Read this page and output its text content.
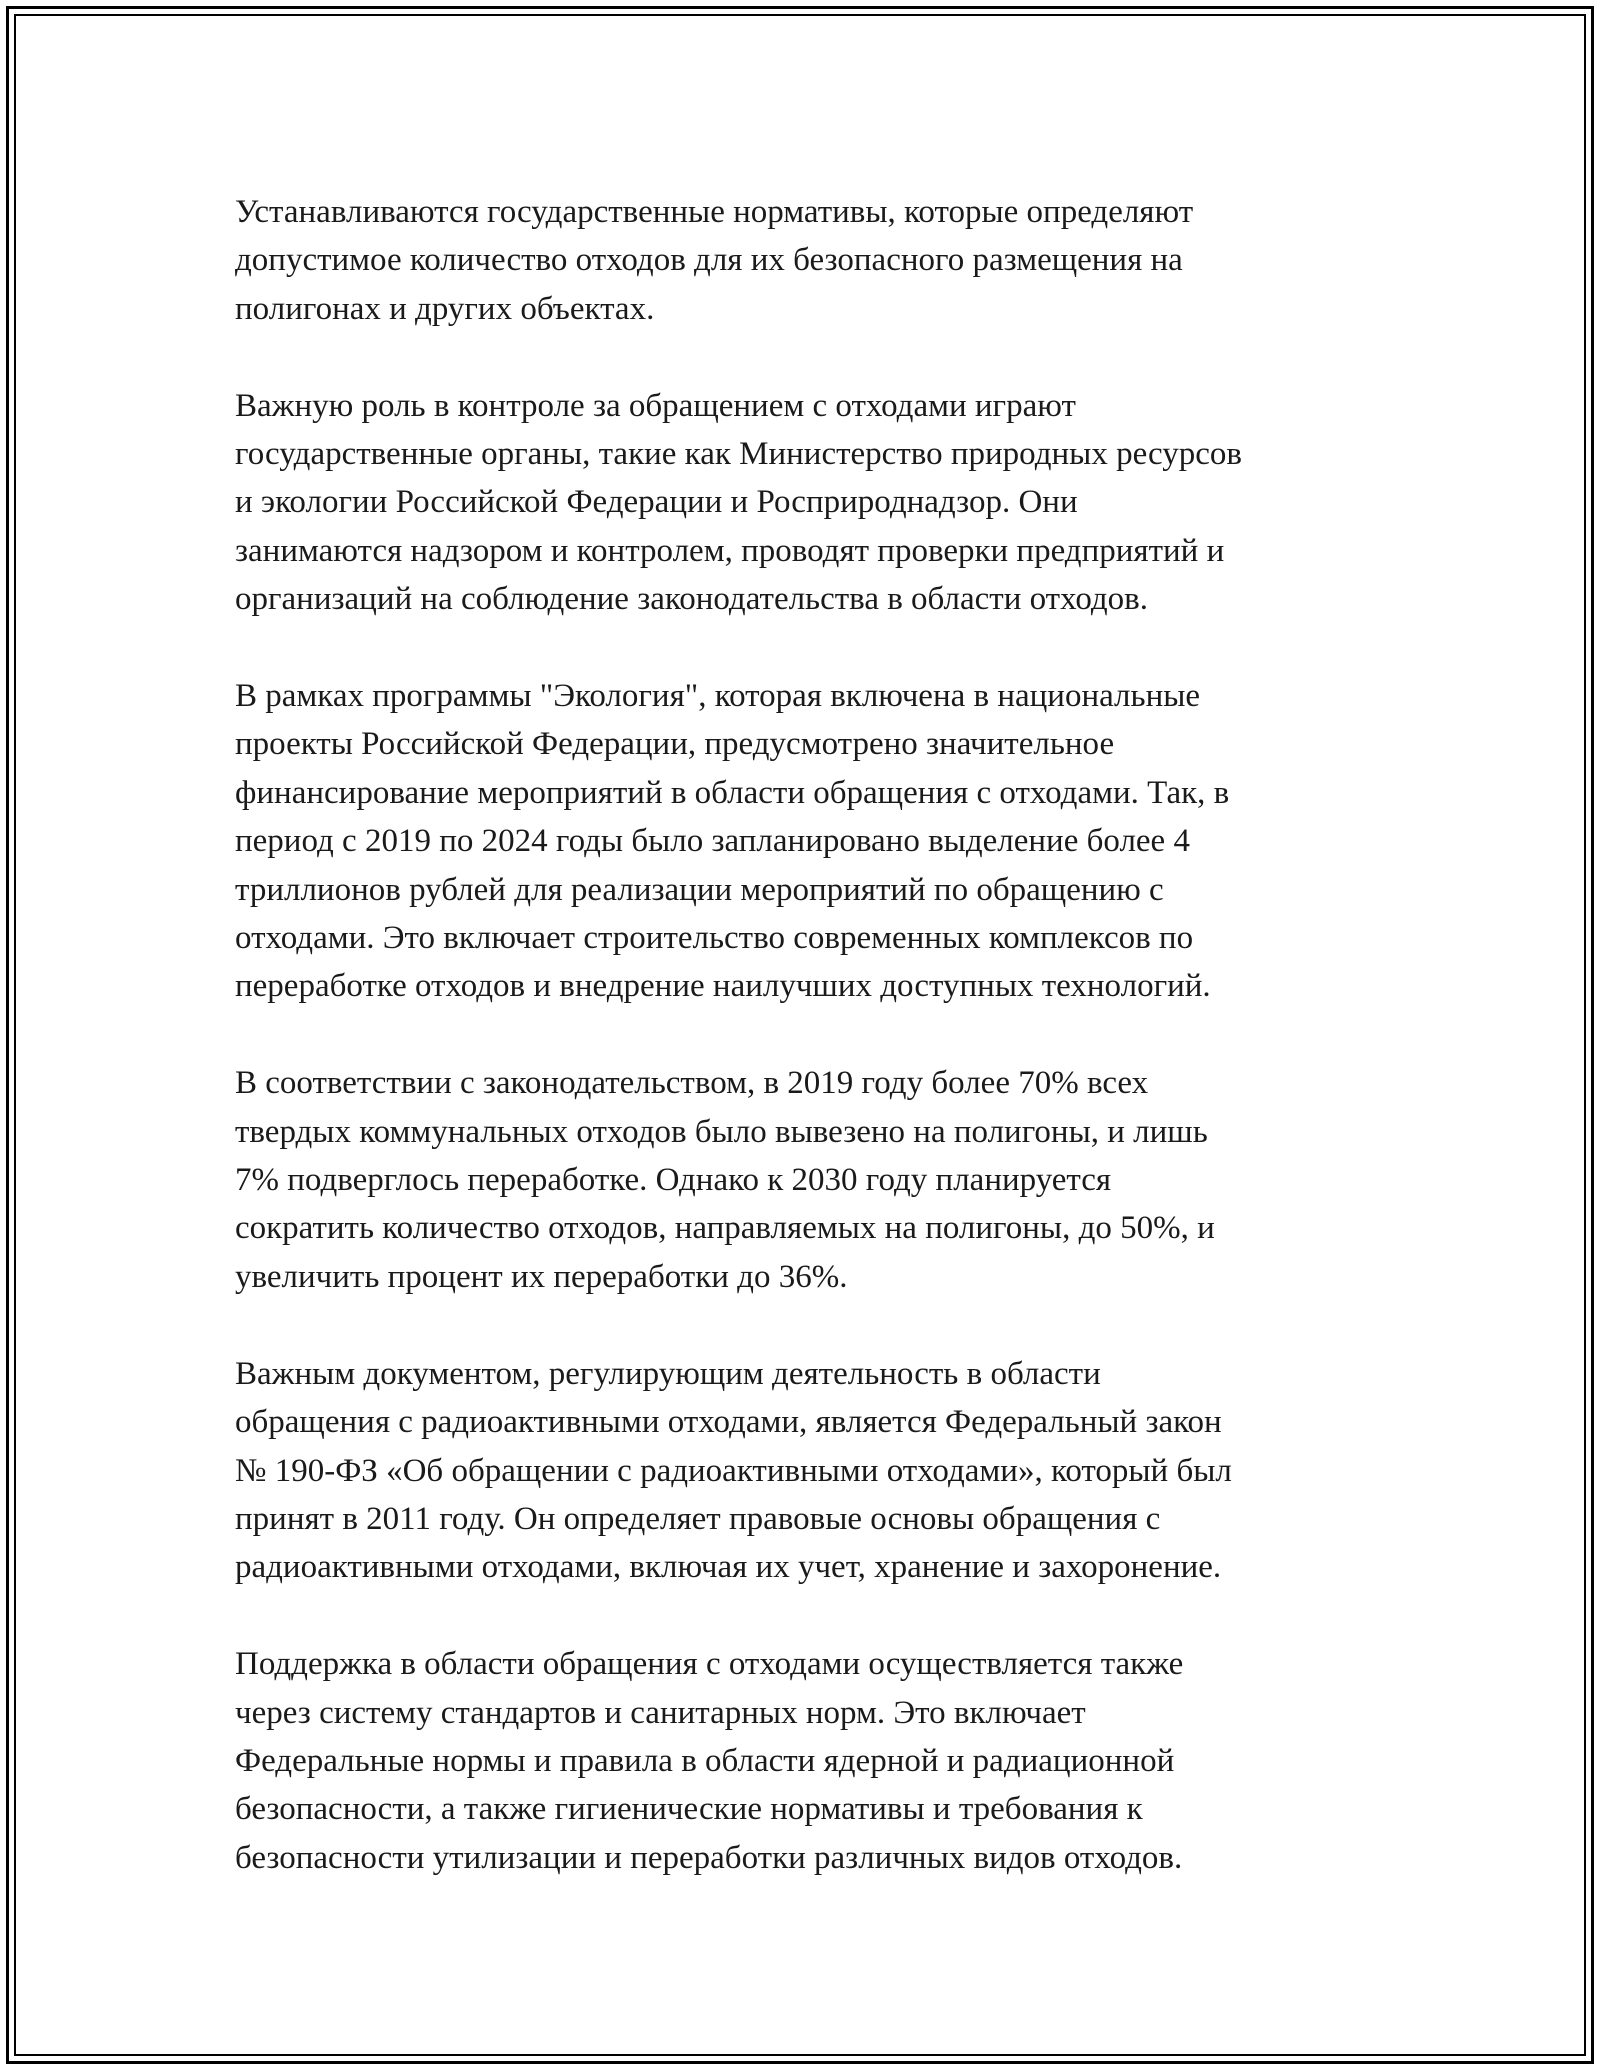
Устанавливаются государственные нормативы, которые определяют
допустимое количество отходов для их безопасного размещения на
полигонах и других объектах.

Важную роль в контроле за обращением с отходами играют
государственные органы, такие как Министерство природных ресурсов
и экологии Российской Федерации и Росприроднадзор. Они
занимаются надзором и контролем, проводят проверки предприятий и
организаций на соблюдение законодательства в области отходов.

В рамках программы "Экология", которая включена в национальные
проекты Российской Федерации, предусмотрено значительное
финансирование мероприятий в области обращения с отходами. Так, в
период с 2019 по 2024 годы было запланировано выделение более 4
триллионов рублей для реализации мероприятий по обращению с
отходами. Это включает строительство современных комплексов по
переработке отходов и внедрение наилучших доступных технологий.

В соответствии с законодательством, в 2019 году более 70% всех
твердых коммунальных отходов было вывезено на полигоны, и лишь
7% подверглось переработке. Однако к 2030 году планируется
сократить количество отходов, направляемых на полигоны, до 50%, и
увеличить процент их переработки до 36%.

Важным документом, регулирующим деятельность в области
обращения с радиоактивными отходами, является Федеральный закон
№ 190-ФЗ «Об обращении с радиоактивными отходами», который был
принят в 2011 году. Он определяет правовые основы обращения с
радиоактивными отходами, включая их учет, хранение и захоронение.

Поддержка в области обращения с отходами осуществляется также
через систему стандартов и санитарных норм. Это включает
Федеральные нормы и правила в области ядерной и радиационной
безопасности, а также гигиенические нормативы и требования к
безопасности утилизации и переработки различных видов отходов.
